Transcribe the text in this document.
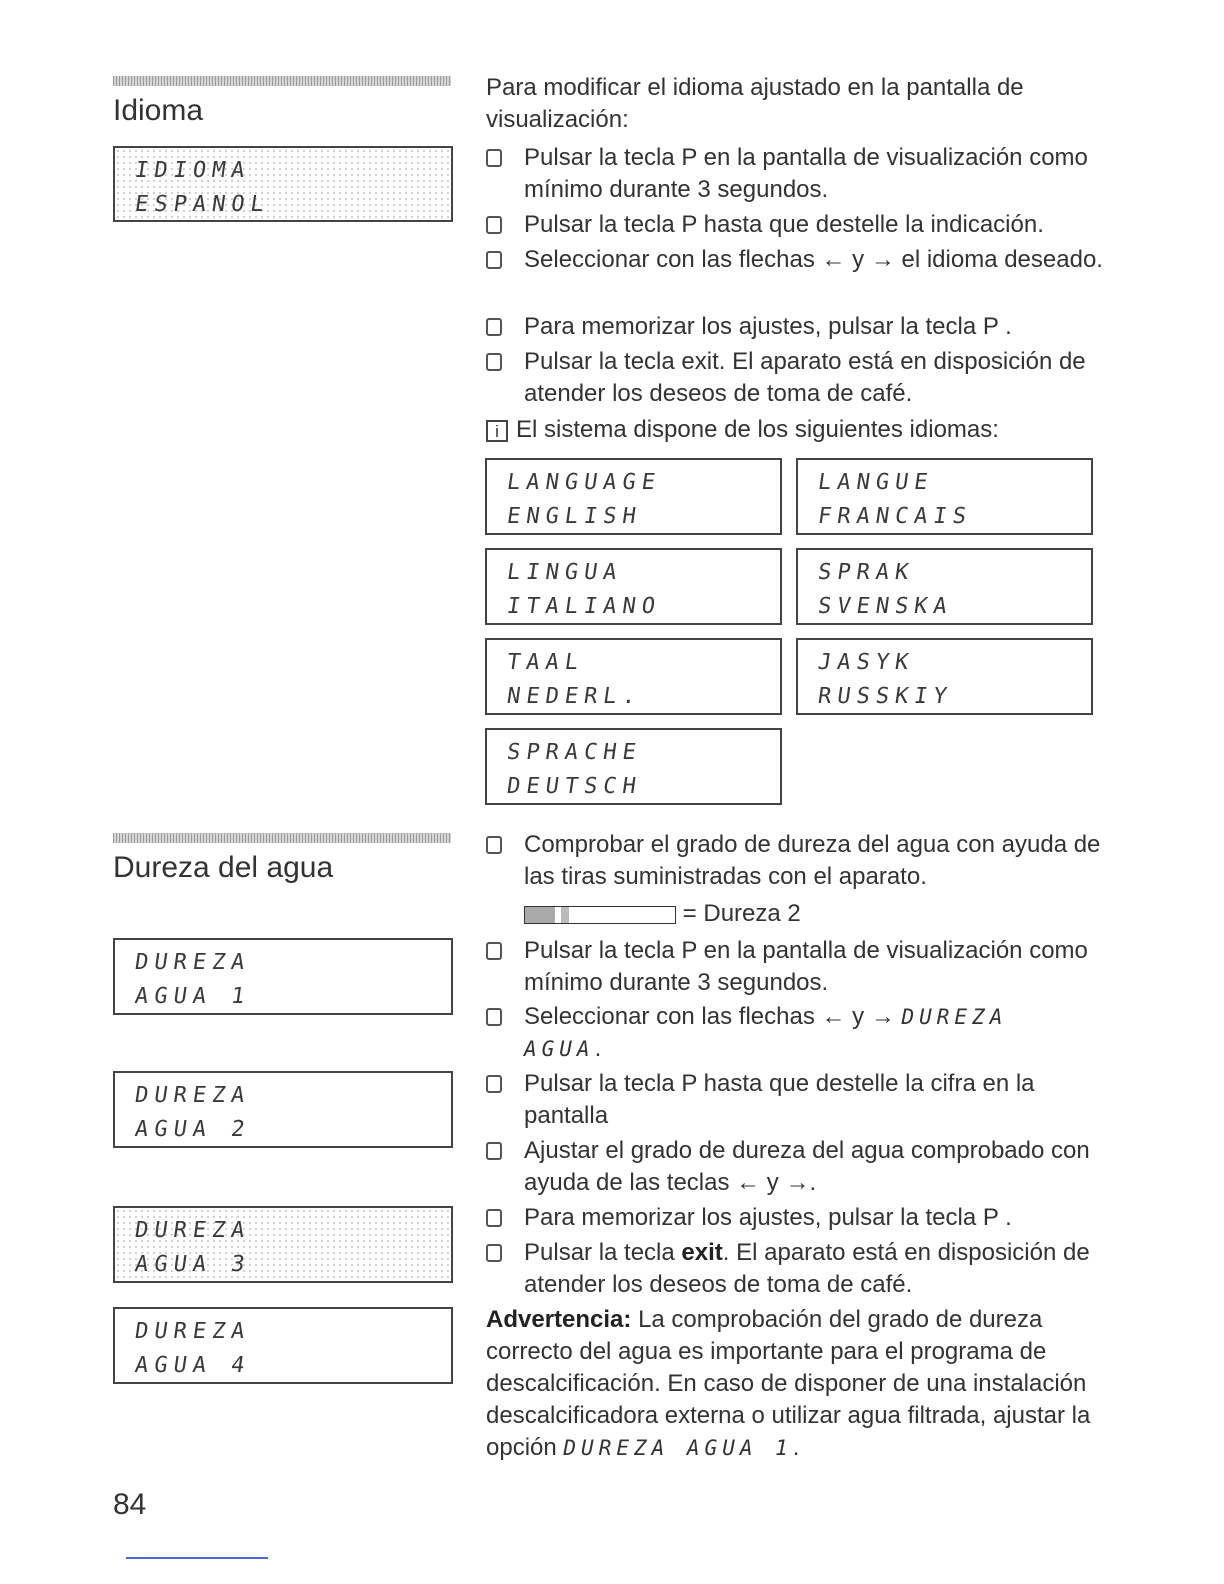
Idioma
IDIOMA
ESPANOL
Para modificar el idioma ajustado en la pantalla de visualización:
Pulsar la tecla P en la pantalla de visualización como mínimo durante 3 segundos.
Pulsar la tecla P hasta que destelle la indicación.
Seleccionar con las flechas ← y → el idioma deseado.
Para memorizar los ajustes, pulsar la tecla P .
Pulsar la tecla exit. El aparato está en disposición de atender los deseos de toma de café.
i El sistema dispone de los siguientes idiomas:
LANGUAGE
ENGLISH
LANGUE
FRANCAIS
LINGUA
ITALIANO
SPRAK
SVENSKA
TAAL
NEDERL.
JASYK
RUSSKIY
SPRACHE
DEUTSCH
Dureza del agua
DUREZA
AGUA 1
DUREZA
AGUA 2
DUREZA
AGUA 3
DUREZA
AGUA 4
Comprobar el grado de dureza del agua con ayuda de las tiras suministradas con el aparato.
= Dureza 2
Pulsar la tecla P en la pantalla de visualización como mínimo durante 3 segundos.
Seleccionar con las flechas ← y → DUREZA
AGUA.
Pulsar la tecla P hasta que destelle la cifra en la pantalla
Ajustar el grado de dureza del agua comprobado con ayuda de las teclas ← y →.
Para memorizar los ajustes, pulsar la tecla P .
Pulsar la tecla exit. El aparato está en disposición de atender los deseos de toma de café.
Advertencia: La comprobación del grado de dureza correcto del agua es importante para el programa de descalcificación. En caso de disponer de una instalación descalcificadora externa o utilizar agua filtrada, ajustar la opción DUREZA AGUA 1.
84
